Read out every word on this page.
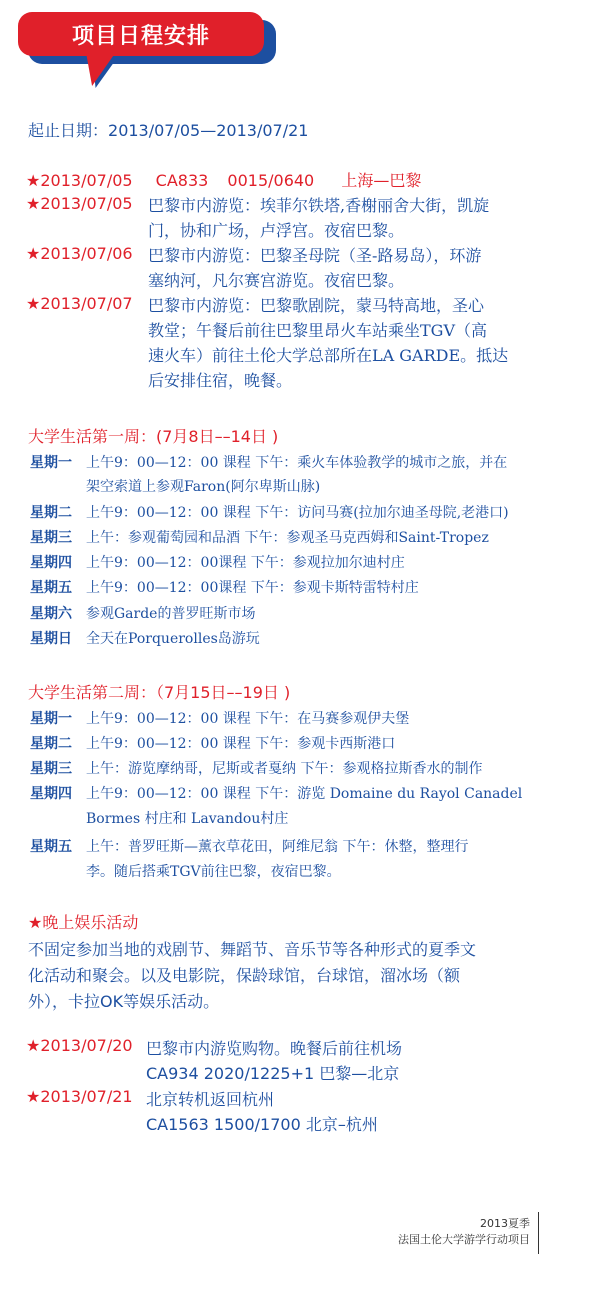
项目日程安排
起止日期：2013/07/05—2013/07/21
★2013/07/05 CA833 0015/0640 上海—巴黎
★2013/07/05 巴黎市内游览：埃菲尔铁塔,香榭丽舍大街，凯旋
门，协和广场，卢浮宫。夜宿巴黎。
★2013/07/06 巴黎市内游览：巴黎圣母院（圣-路易岛），环游
塞纳河，凡尔赛宫游览。夜宿巴黎。
★2013/07/07 巴黎市内游览：巴黎歌剧院，蒙马特高地，圣心
教堂；午餐后前往巴黎里昂火车站乘坐TGV（高
速火车）前往土伦大学总部所在LA GARDE。抵达
后安排住宿，晚餐。
大学生活第一周：(7月8日––14日 )
星期一 上午9：00—12：00 课程 下午：乘火车体验教学的城市之旅，并在
架空索道上参观Faron(阿尔卑斯山脉)
星期二 上午9：00—12：00 课程 下午：访问马赛(拉加尔迪圣母院,老港口)
星期三 上午：参观葡萄园和品酒 下午：参观圣马克西姆和Saint-Tropez
星期四 上午9：00—12：00课程 下午：参观拉加尔迪村庄
星期五 上午9：00—12：00课程 下午：参观卡斯特雷特村庄
星期六 参观Garde的普罗旺斯市场
星期日 全天在Porquerolles岛游玩
大学生活第二周：（7月15日––19日 )
星期一 上午9：00—12：00 课程 下午：在马赛参观伊夫堡
星期二 上午9：00—12：00 课程 下午：参观卡西斯港口
星期三 上午：游览摩纳哥，尼斯或者戛纳 下午：参观格拉斯香水的制作
星期四 上午9：00—12：00 课程 下午：游览 Domaine du Rayol Canadel
Bormes 村庄和 Lavandou村庄
星期五 上午：普罗旺斯—薰衣草花田，阿维尼翁 下午：休整，整理行
李。随后搭乘TGV前往巴黎，夜宿巴黎。
★晚上娱乐活动
不固定参加当地的戏剧节、舞蹈节、音乐节等各种形式的夏季文
化活动和聚会。以及电影院，保龄球馆，台球馆，溜冰场（额
外），卡拉OK等娱乐活动。
★2013/07/20 巴黎市内游览购物。晚餐后前往机场
CA934 2020/1225+1 巴黎—北京
★2013/07/21 北京转机返回杭州
CA1563 1500/1700 北京–杭州
2013夏季
法国土伦大学游学行动项目
